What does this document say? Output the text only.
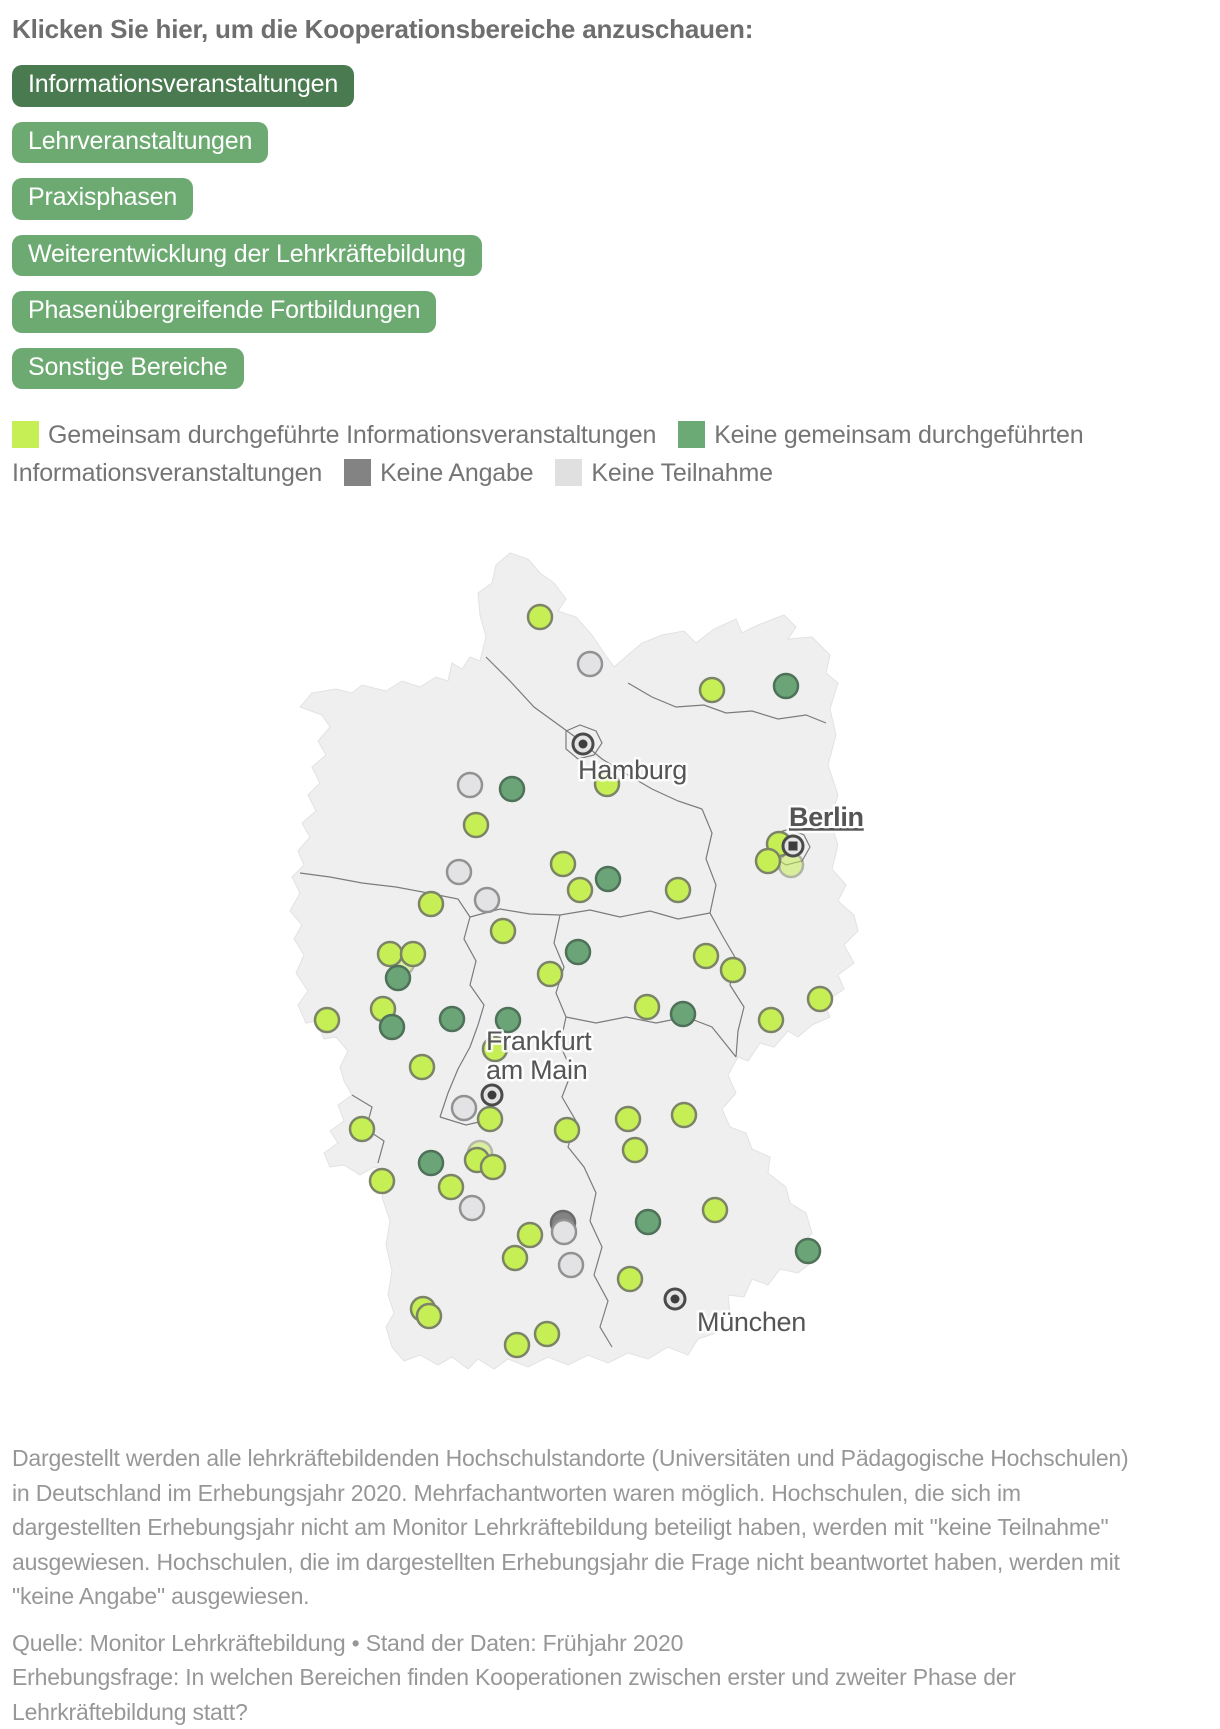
Klicken Sie hier, um die Kooperationsbereiche anzuschauen:
Informationsveranstaltungen
Lehrveranstaltungen
Praxisphasen
Weiterentwicklung der Lehrkräftebildung
Phasenübergreifende Fortbildungen
Sonstige Bereiche
Gemeinsam durchgeführte Informationsveranstaltungen Keine gemeinsam durchgeführten Informationsveranstaltungen Keine Angabe Keine Teilnahme
Hamburg
Berlin
Frankfurt
am Main
München

Dargestellt werden alle lehrkräftebildenden Hochschulstandorte (Universitäten und Pädagogische Hochschulen) in Deutschland im Erhebungsjahr 2020. Mehrfachantworten waren möglich. Hochschulen, die sich im dargestellten Erhebungsjahr nicht am Monitor Lehrkräftebildung beteiligt haben, werden mit "keine Teilnahme" ausgewiesen. Hochschulen, die im dargestellten Erhebungsjahr die Frage nicht beantwortet haben, werden mit "keine Angabe" ausgewiesen.

Quelle: Monitor Lehrkräftebildung • Stand der Daten: Frühjahr 2020

Erhebungsfrage: In welchen Bereichen finden Kooperationen zwischen erster und zweiter Phase der Lehrkräftebildung statt?
